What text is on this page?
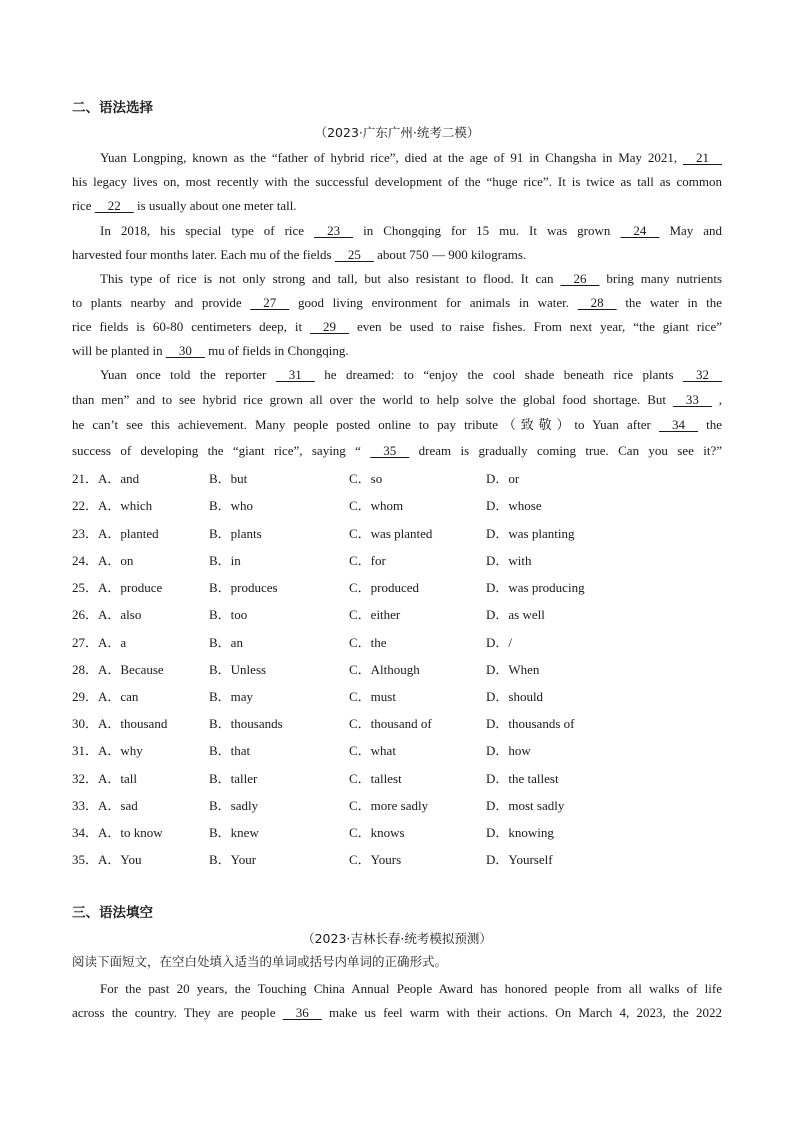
二、语法选择
（2023·广东广州·统考二模）
Yuan Longping, known as the “father of hybrid rice”, died at the age of 91 in Changsha in May 2021,     21
his legacy lives on, most recently with the successful development of the “huge rice”. It is twice as tall as common
rice     22     is usually about one meter tall.
In 2018, his special type of rice     23     in Chongqing for 15 mu. It was grown     24     May and
harvested four months later. Each mu of the fields     25     about 750 — 900 kilograms.
This type of rice is not only strong and tall, but also resistant to flood. It can     26     bring many nutrients
to plants nearby and provide     27     good living environment for animals in water.     28     the water in the
rice fields is 60-80 centimeters deep, it     29     even be used to raise fishes. From next year, “the giant rice”
will be planted in     30     mu of fields in Chongqing.
Yuan once told the reporter     31     he dreamed: to “enjoy the cool shade beneath rice plants     32
than men” and to see hybrid rice grown all over the world to help solve the global food shortage. But     33     ,
he can’t see this achievement. Many people posted online to pay tribute（致敬）to Yuan after     34     the
success of developing the “giant rice”, saying “     35     dream is gradually coming true. Can you see it?”
21．A．and	B．but	C．so	D．or
22．A．which	B．who	C．whom	D．whose
23．A．planted	B．plants	C．was planted	D．was planting
24．A．on	B．in	C．for	D．with
25．A．produce	B．produces	C．produced	D．was producing
26．A．also	B．too	C．either	D．as well
27．A．a	B．an	C．the	D．/
28．A．Because	B．Unless	C．Although	D．When
29．A．can	B．may	C．must	D．should
30．A．thousand	B．thousands	C．thousand of	D．thousands of
31．A．why	B．that	C．what	D．how
32．A．tall	B．taller	C．tallest	D．the tallest
33．A．sad	B．sadly	C．more sadly	D．most sadly
34．A．to know	B．knew	C．knows	D．knowing
35．A．You	B．Your	C．Yours	D．Yourself
三、语法填空
（2023·吉林长春·统考模拟预测）
阅读下面短文，在空白处填入适当的单词或括号内单词的正确形式。
For the past 20 years, the Touching China Annual People Award has honored people from all walks of life
across the country. They are people     36     make us feel warm with their actions. On March 4, 2023, the 2022
